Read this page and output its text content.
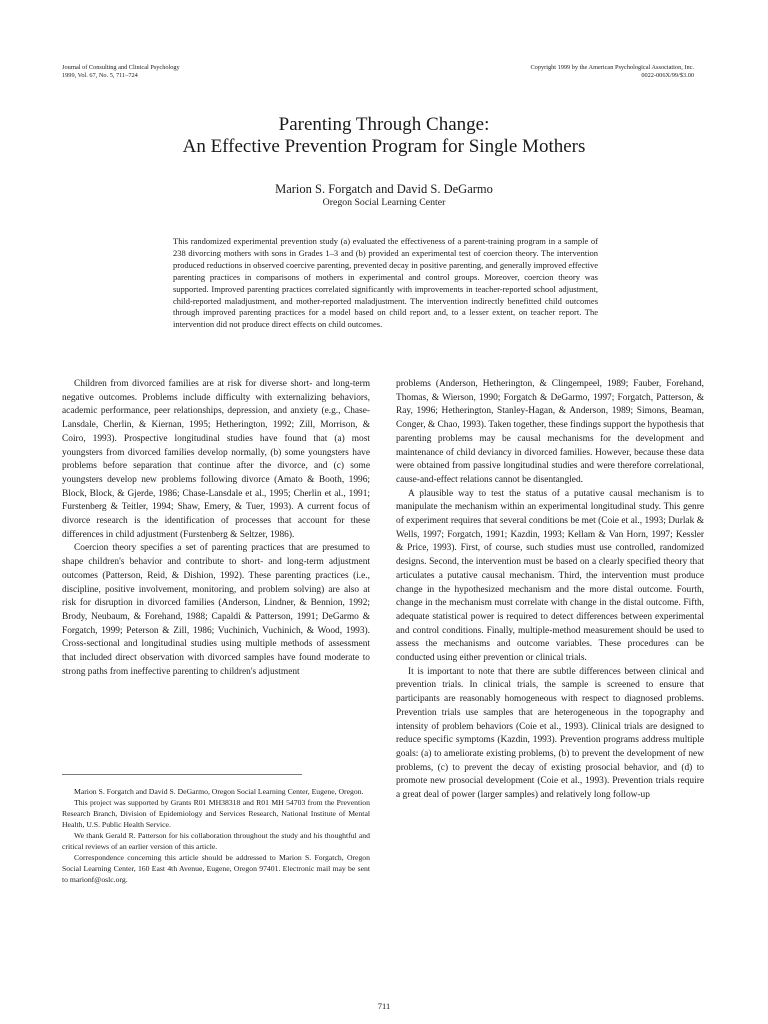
Journal of Consulting and Clinical Psychology
1999, Vol. 67, No. 5, 711–724
Copyright 1999 by the American Psychological Association, Inc.
0022-006X/99/$3.00
Parenting Through Change:
An Effective Prevention Program for Single Mothers
Marion S. Forgatch and David S. DeGarmo
Oregon Social Learning Center

This randomized experimental prevention study (a) evaluated the effectiveness of a parent-training program in a sample of 238 divorcing mothers with sons in Grades 1–3 and (b) provided an experimental test of coercion theory. The intervention produced reductions in observed coercive parenting, prevented decay in positive parenting, and generally improved effective parenting practices in comparisons of mothers in experimental and control groups. Moreover, coercion theory was supported. Improved parenting practices correlated significantly with improvements in teacher-reported school adjustment, child-reported maladjustment, and mother-reported maladjustment. The intervention indirectly benefitted child outcomes through improved parenting practices for a model based on child report and, to a lesser extent, on teacher report. The intervention did not produce direct effects on child outcomes.

Children from divorced families are at risk for diverse short- and long-term negative outcomes. Problems include difficulty with externalizing behaviors, academic performance, peer relationships, depression, and anxiety (e.g., Chase-Lansdale, Cherlin, & Kiernan, 1995; Hetherington, 1992; Zill, Morrison, & Coiro, 1993). Prospective longitudinal studies have found that (a) most youngsters from divorced families develop normally, (b) some youngsters have problems before separation that continue after the divorce, and (c) some youngsters develop new problems following divorce (Amato & Booth, 1996; Block, Block, & Gjerde, 1986; Chase-Lansdale et al., 1995; Cherlin et al., 1991; Furstenberg & Teitler, 1994; Shaw, Emery, & Tuer, 1993). A current focus of divorce research is the identification of processes that account for these differences in child adjustment (Furstenberg & Seltzer, 1986).

Coercion theory specifies a set of parenting practices that are presumed to shape children's behavior and contribute to short- and long-term adjustment outcomes (Patterson, Reid, & Dishion, 1992). These parenting practices (i.e., discipline, positive involvement, monitoring, and problem solving) are also at risk for disruption in divorced families (Anderson, Lindner, & Bennion, 1992; Brody, Neubaum, & Forehand, 1988; Capaldi & Patterson, 1991; DeGarmo & Forgatch, 1999; Peterson & Zill, 1986; Vuchinich, Vuchinich, & Wood, 1993). Cross-sectional and longitudinal studies using multiple methods of assessment that included direct observation with divorced samples have found moderate to strong paths from ineffective parenting to children's adjustment

problems (Anderson, Hetherington, & Clingempeel, 1989; Fauber, Forehand, Thomas, & Wierson, 1990; Forgatch & DeGarmo, 1997; Forgatch, Patterson, & Ray, 1996; Hetherington, Stanley-Hagan, & Anderson, 1989; Simons, Beaman, Conger, & Chao, 1993). Taken together, these findings support the hypothesis that parenting problems may be causal mechanisms for the development and maintenance of child deviancy in divorced families. However, because these data were obtained from passive longitudinal studies and were therefore correlational, cause-and-effect relations cannot be disentangled.

A plausible way to test the status of a putative causal mechanism is to manipulate the mechanism within an experimental longitudinal study. This genre of experiment requires that several conditions be met (Coie et al., 1993; Durlak & Wells, 1997; Forgatch, 1991; Kazdin, 1993; Kellam & Van Horn, 1997; Kessler & Price, 1993). First, of course, such studies must use controlled, randomized designs. Second, the intervention must be based on a clearly specified theory that articulates a putative causal mechanism. Third, the intervention must produce change in the hypothesized mechanism and the more distal outcome. Fourth, change in the mechanism must correlate with change in the distal outcome. Fifth, adequate statistical power is required to detect differences between experimental and control conditions. Finally, multiple-method measurement should be used to assess the mechanisms and outcome variables. These procedures can be conducted using either prevention or clinical trials.

It is important to note that there are subtle differences between clinical and prevention trials. In clinical trials, the sample is screened to ensure that participants are reasonably homogeneous with respect to diagnosed problems. Prevention trials use samples that are heterogeneous in the topography and intensity of problem behaviors (Coie et al., 1993). Clinical trials are designed to reduce specific symptoms (Kazdin, 1993). Prevention programs address multiple goals: (a) to ameliorate existing problems, (b) to prevent the development of new problems, (c) to prevent the decay of existing prosocial behavior, and (d) to promote new prosocial development (Coie et al., 1993). Prevention trials require a great deal of power (larger samples) and relatively long follow-up

Marion S. Forgatch and David S. DeGarmo, Oregon Social Learning Center, Eugene, Oregon.

This project was supported by Grants R01 MH38318 and R01 MH 54703 from the Prevention Research Branch, Division of Epidemiology and Services Research, National Institute of Mental Health, U.S. Public Health Service.

We thank Gerald R. Patterson for his collaboration throughout the study and his thoughtful and critical reviews of an earlier version of this article.

Correspondence concerning this article should be addressed to Marion S. Forgatch, Oregon Social Learning Center, 160 East 4th Avenue, Eugene, Oregon 97401. Electronic mail may be sent to marionf@oslc.org.

711
